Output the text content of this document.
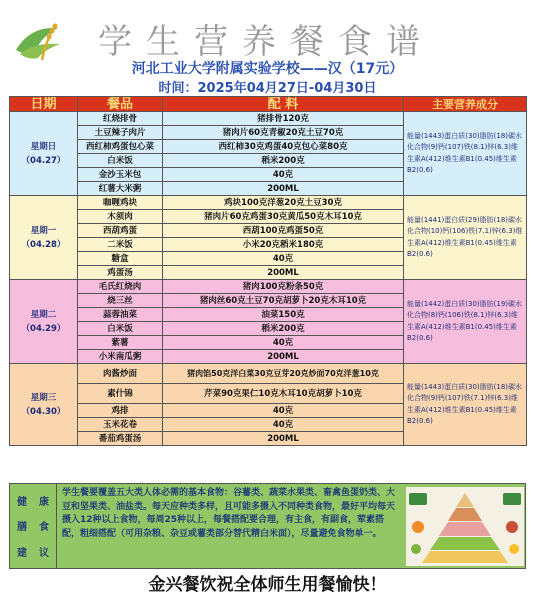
学生营养餐食谱
河北工业大学附属实验学校——汉（17元）
时间：2025年04月27日-04月30日
日期	餐品	配 料	主要营养成分

星期日
（04.27）	红烧排骨	猪排骨120克	能量(1443)蛋白质(30)脂肪(18)碳水化合物(9)钙(107)铁(8.1)锌(6.3)维生素A(412)维生素B1(0.45)维生素B2(0.6)
	土豆辣子肉片	猪肉片60克青椒20克土豆70克	
	西红柿鸡蛋包心菜	西红柿30克鸡蛋40克包心菜80克	
	白米饭	稻米200克	
	金沙玉米包	40克	
	红薯大米粥	200ML	

星期一
（04.28）	咖喱鸡块	鸡块100克洋葱20克土豆30克	能量(1441)蛋白质(29)脂肪(18)碳水化合物(10)钙(106)铁(7.1)锌(6.3)维生素A(412)维生素B1(0.45)维生素B2(0.6)
	木须肉	猪肉片60克鸡蛋30克黄瓜50克木耳10克	
	西葫鸡蛋	西葫100克鸡蛋50克	
	二米饭	小米20克稻米180克	
	糖盒	40克	
	鸡蛋汤	200ML	

星期二
（04.29）	毛氏红烧肉	猪肉100克粉条50克	能量(1442)蛋白质(30)脂肪(19)碳水化合物(8)钙(106)铁(8.1)锌(6.3)维生素A(412)维生素B1(0.45)维生素B2(0.6)
	烧三丝	猪肉丝60克土豆70克胡萝卜20克木耳10克	
	蒜蓉油菜	油菜150克	
	白米饭	稻米200克	
	紫薯	40克	
	小米南瓜粥	200ML	

星期三
（04.30）	肉酱炒面	猪肉馅50克洋白菜30克豆芽20克炒面70克洋葱10克	能量(1443)蛋白质(30)脂肪(18)碳水化合物(9)钙(107)铁(7.1)锌(6.3)维生素A(412)维生素B1(0.45)维生素B2(0.6)
	素什锦	芹菜90克果仁10克木耳10克胡萝卜10克	
	鸡排	40克	
	玉米花卷	40克	
	番茄鸡蛋汤	200ML	
健 康
膳 食
建 议
学生餐要覆盖五大类人体必需的基本食物：谷薯类、蔬菜水果类、畜禽鱼蛋奶类、大豆和坚果类、油盐类。每天应种类多样，且可能多摄入不同种类食物，最好平均每天摄入12种以上食物，每周25种以上，每餐搭配要合理，有主食，有副食，荤素搭配，粗细搭配（可用杂粮、杂豆或薯类部分替代精白米面），尽量避免食物单一。
金兴餐饮祝全体师生用餐愉快！
